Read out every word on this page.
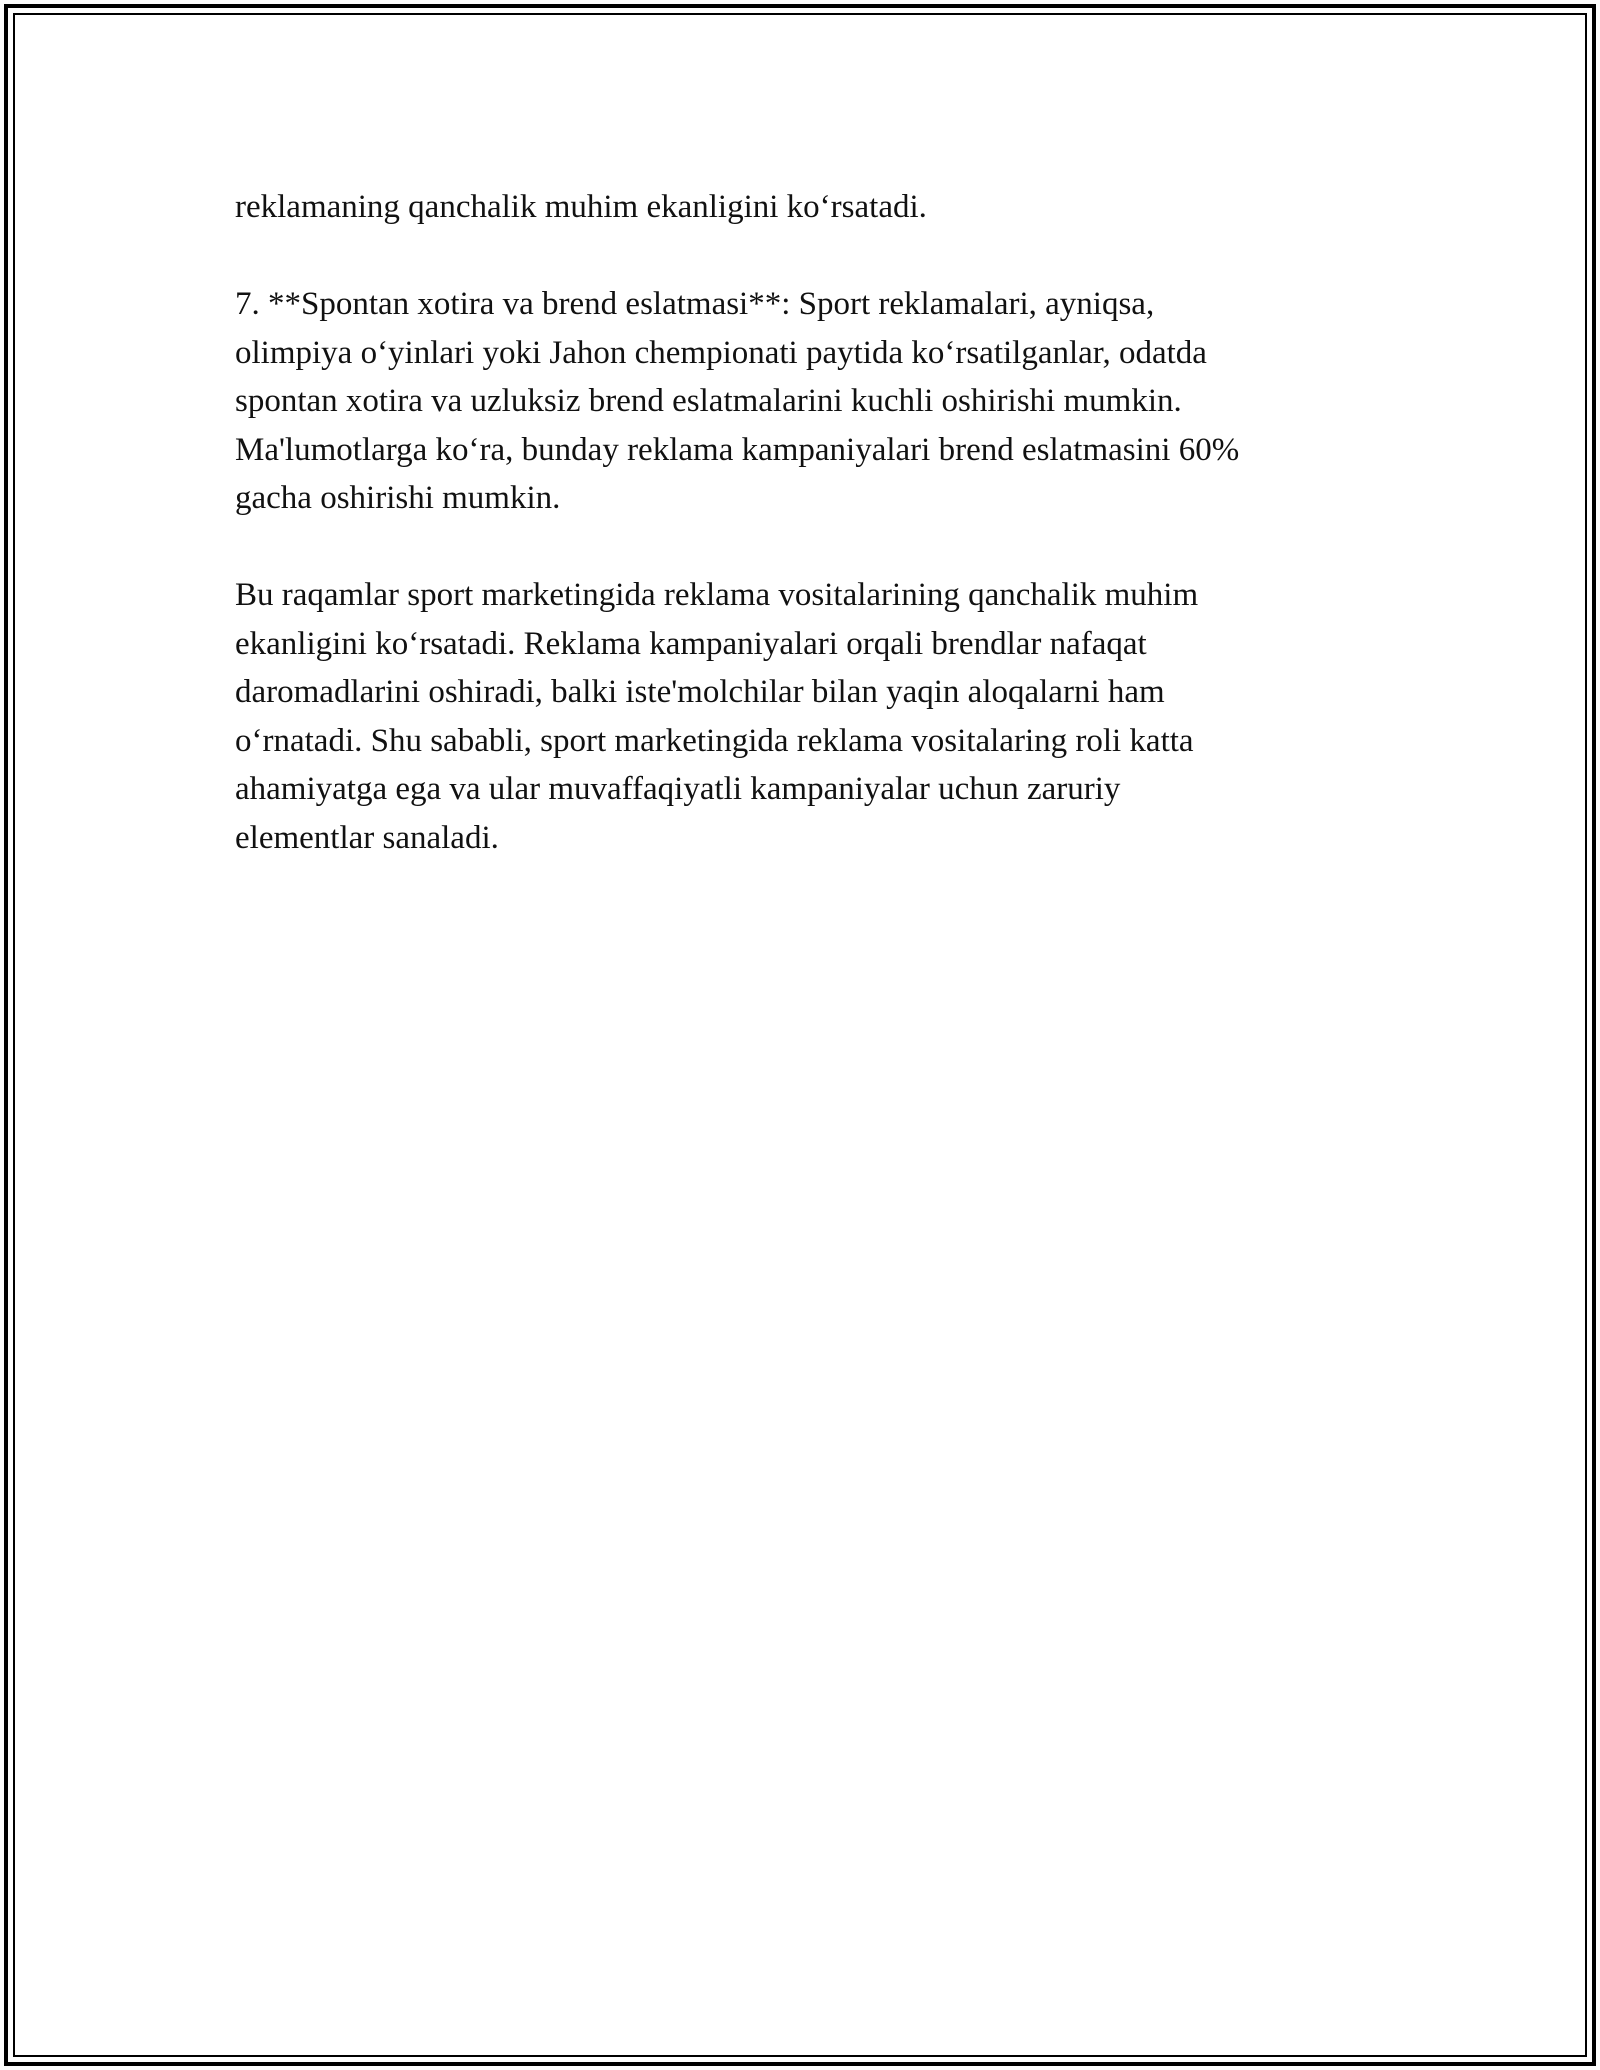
reklamaning qanchalik muhim ekanligini ko‘rsatadi.

7. **Spontan xotira va brend eslatmasi**: Sport reklamalari, ayniqsa,
olimpiya o‘yinlari yoki Jahon chempionati paytida ko‘rsatilganlar, odatda
spontan xotira va uzluksiz brend eslatmalarini kuchli oshirishi mumkin.
Ma'lumotlarga ko‘ra, bunday reklama kampaniyalari brend eslatmasini 60%
gacha oshirishi mumkin.

Bu raqamlar sport marketingida reklama vositalarining qanchalik muhim
ekanligini ko‘rsatadi. Reklama kampaniyalari orqali brendlar nafaqat
daromadlarini oshiradi, balki iste'molchilar bilan yaqin aloqalarni ham
o‘rnatadi. Shu sababli, sport marketingida reklama vositalaring roli katta
ahamiyatga ega va ular muvaffaqiyatli kampaniyalar uchun zaruriy
elementlar sanaladi.
